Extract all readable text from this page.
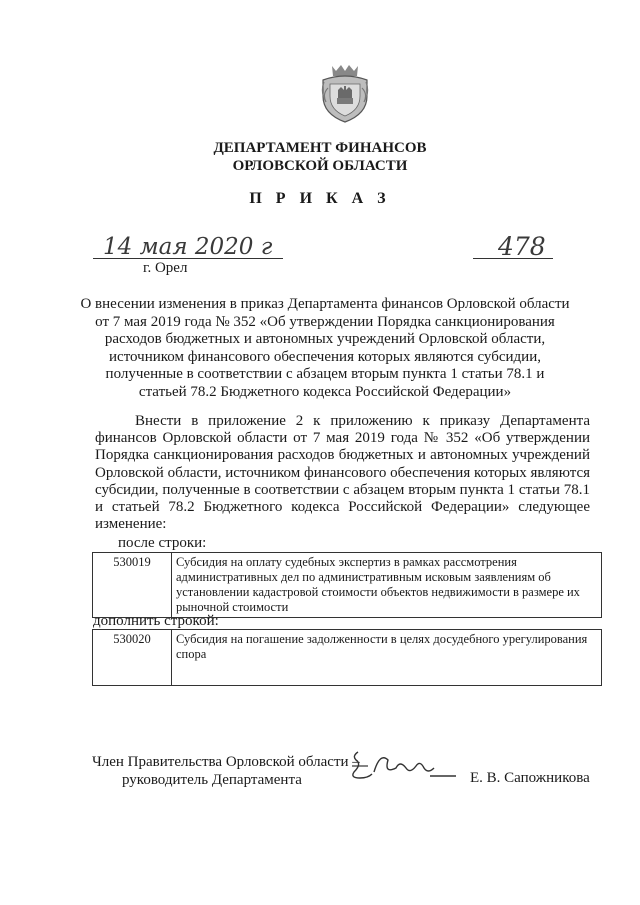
ДЕПАРТАМЕНТ ФИНАНСОВ
ОРЛОВСКОЙ ОБЛАСТИ
П Р И К А З
14 мая 2020 г	478
г. Орел
О внесении изменения в приказ Департамента финансов Орловской области от 7 мая 2019 года № 352 «Об утверждении Порядка санкционирования расходов бюджетных и автономных учреждений Орловской области, источником финансового обеспечения которых являются субсидии, полученные в соответствии с абзацем вторым пункта 1 статьи 78.1 и статьей 78.2 Бюджетного кодекса Российской Федерации»
Внести в приложение 2 к приложению к приказу Департамента финансов Орловской области от 7 мая 2019 года № 352 «Об утверждении Порядка санкционирования расходов бюджетных и автономных учреждений Орловской области, источником финансового обеспечения которых являются субсидии, полученные в соответствии с абзацем вторым пункта 1 статьи 78.1 и статьей 78.2 Бюджетного кодекса Российской Федерации» следующее изменение:
после строки:
530019	Субсидия на оплату судебных экспертиз в рамках рассмотрения административных дел по административным исковым заявлениям об установлении кадастровой стоимости объектов недвижимости в размере их рыночной стоимости
дополнить строкой:
530020	Субсидия на погашение задолженности в целях досудебного урегулирования спора
Член Правительства Орловской области –
руководитель Департамента	Е. В. Сапожникова
